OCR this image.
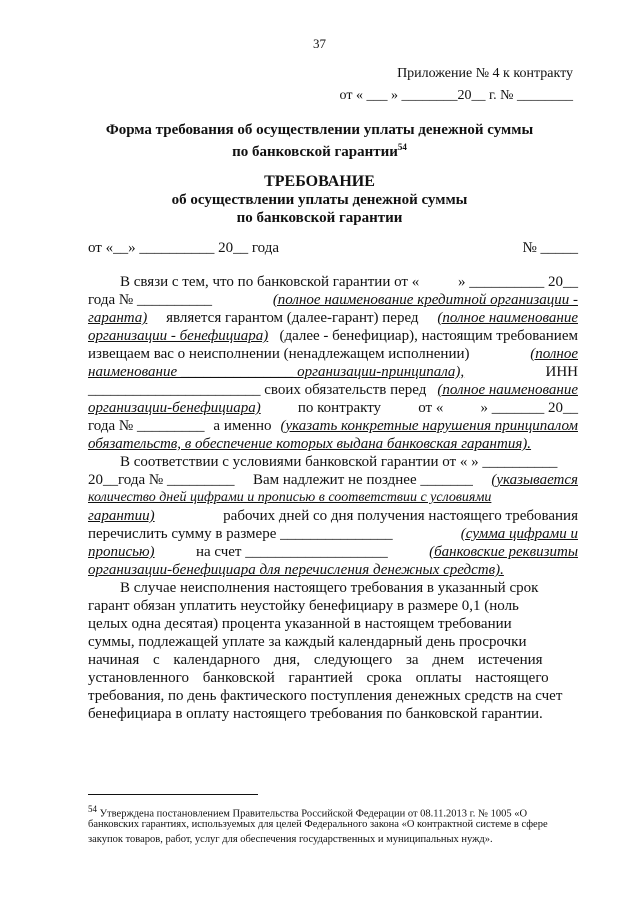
37
Приложение № 4 к контракту
от « ___ » ________20__ г. № ________
Форма требования об осуществлении уплаты денежной суммы
по банковской гарантии$^{54}$
ТРЕБОВАНИЕ
об осуществлении уплаты денежной суммы
по банковской гарантии
от «__» __________ 20__ года	№ _____
В связи с тем, что по банковской гарантии от «	» __________ 20__
года № __________	(полное наименование кредитной организации -
гаранта) является гарантом (далее-гарант) перед (полное наименование
организации - бенефициара) (далее - бенефициар), настоящим требованием
извещаем вас о неисполнении (ненадлежащем исполнении)	(полное
наименование _______________ организации-принципала),	ИНН
_______________________ своих обязательств перед (полное наименование
организации-бенефициара) по контракту от « » _______ 20__
года № _________ а именно (указать конкретные нарушения принципалом
обязательств, в обеспечение которых выдана банковская гарантия).
В соответствии с условиями банковской гарантии от « » __________
20__года № _________ Вам надлежит не позднее _______ (указывается
количество дней цифрами и прописью в соответствии с условиями
гарантии)	рабочих дней со дня получения настоящего требования
перечислить сумму в размере _______________	(сумма цифрами и
прописью)	на счет ___________________	(банковские реквизиты
организации-бенефициара для перечисления денежных средств).
В случае неисполнения настоящего требования в указанный срок
гарант обязан уплатить неустойку бенефициару в размере 0,1 (ноль
целых одна десятая) процента указанной в настоящем требовании
суммы, подлежащей уплате за каждый календарный день просрочки
начиная с календарного дня, следующего за днем истечения
установленного банковской гарантией срока оплаты настоящего
требования, по день фактического поступления денежных средств на счет
бенефициара в оплату настоящего требования по банковской гарантии.
$^{54}$ Утверждена постановлением Правительства Российской Федерации от 08.11.2013 г. № 1005 «О
банковских гарантиях, используемых для целей Федерального закона «О контрактной системе в сфере
закупок товаров, работ, услуг для обеспечения государственных и муниципальных нужд».
